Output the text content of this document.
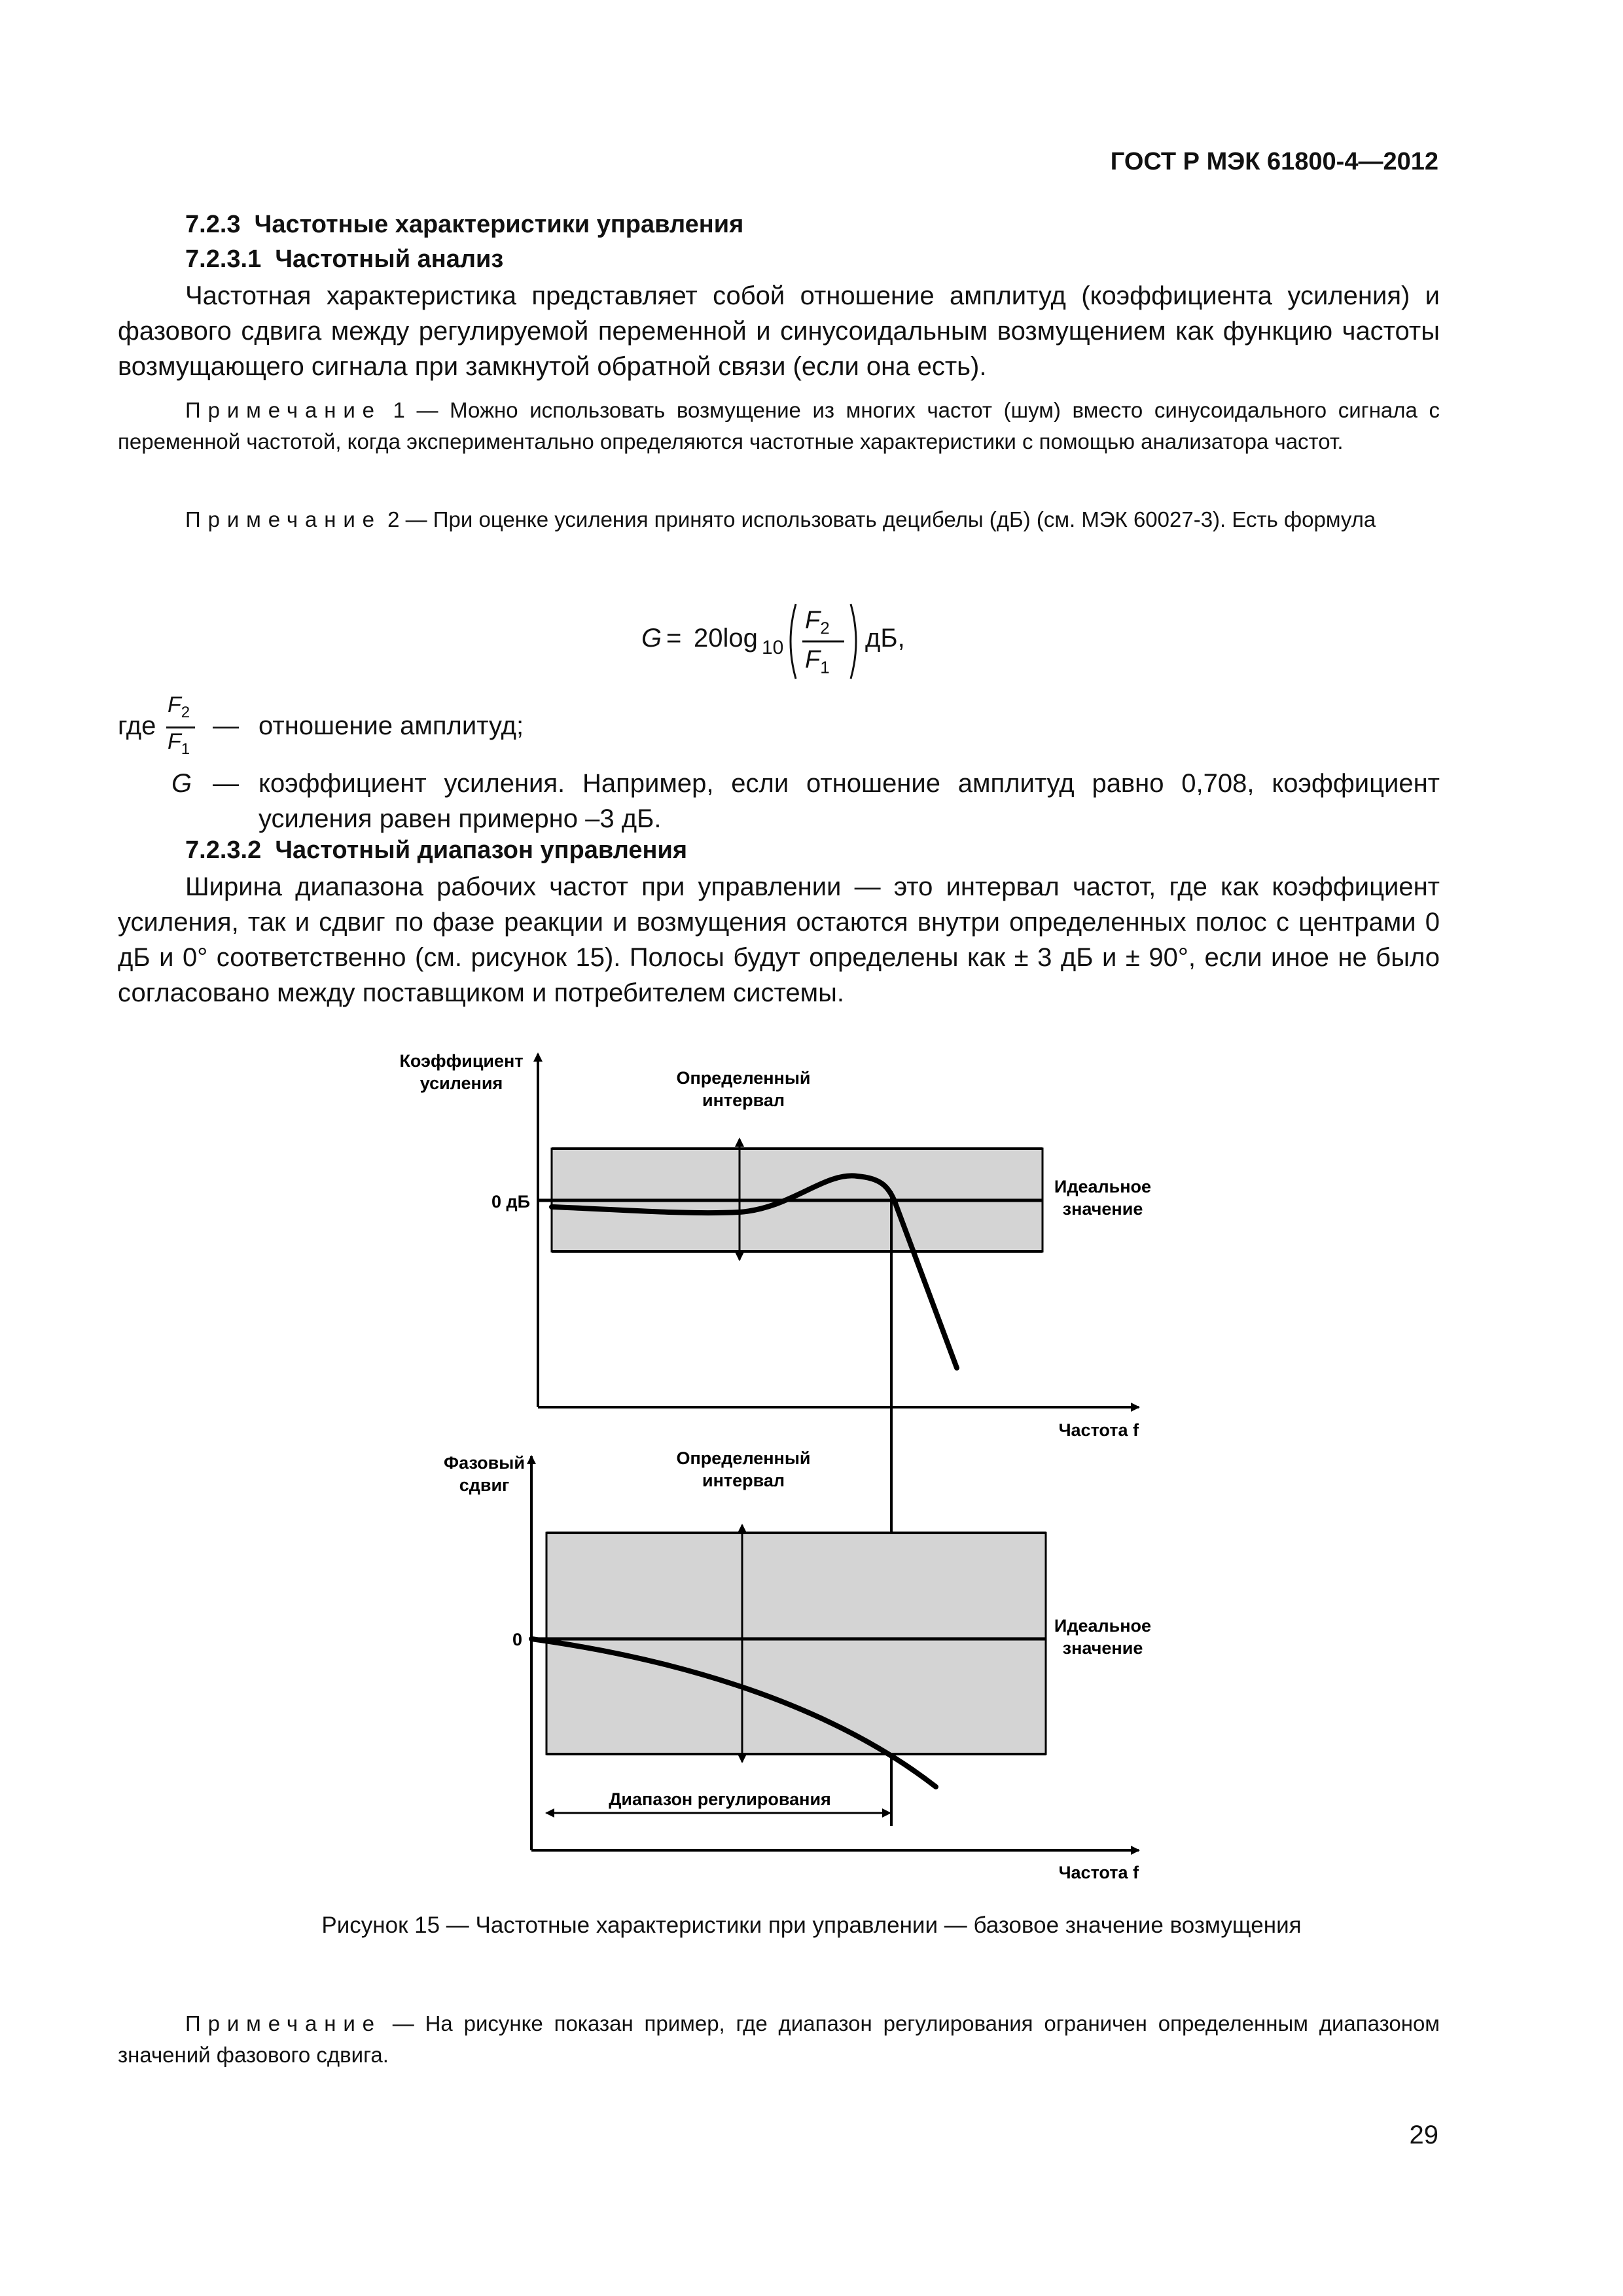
ГОСТ Р МЭК 61800-4—2012
7.2.3 Частотные характеристики управления
7.2.3.1 Частотный анализ

Частотная характеристика представляет собой отношение амплитуд (коэффициента усиления) и фазового сдвига между регулируемой переменной и синусоидальным возмущением как функцию частоты возмущающего сигнала при замкнутой обратной связи (если она есть).

Примечание 1 — Можно использовать возмущение из многих частот (шум) вместо синусоидального сигнала с переменной частотой, когда экспериментально определяются частотные характеристики с помощью анализатора частот.

Примечание 2 — При оценке усиления принято использовать децибелы (дБ) (см. МЭК 60027-3). Есть формула

G = 20log 10
$F_2$
$F_1$
дБ,
где
$F_2$
$F_1$
— отношение амплитуд;
G — коэффициент усиления. Например, если отношение амплитуд равно 0,708, коэффициент усиления равен примерно –3 дБ.
7.2.3.2 Частотный диапазон управления

Ширина диапазона рабочих частот при управлении — это интервал частот, где как коэффициент усиления, так и сдвиг по фазе реакции и возмущения остаются внутри определенных полос с центрами 0 дБ и 0° соответственно (см. рисунок 15). Полосы будут определены как ± 3 дБ и ± 90°, если иное не было согласовано между поставщиком и потребителем системы.

Коэффициент
усиления	Определенный
интервал
Идеальное
значение
0 дБ
Частота f
Фазовый
сдвиг
Определенный
интервал
Идеальное
значение
0
Диапазон регулирования
Частота f
Рисунок 15 — Частотные характеристики при управлении — базовое значение возмущения

Примечание — На рисунке показан пример, где диапазон регулирования ограничен определенным диапазоном значений фазового сдвига.

29
